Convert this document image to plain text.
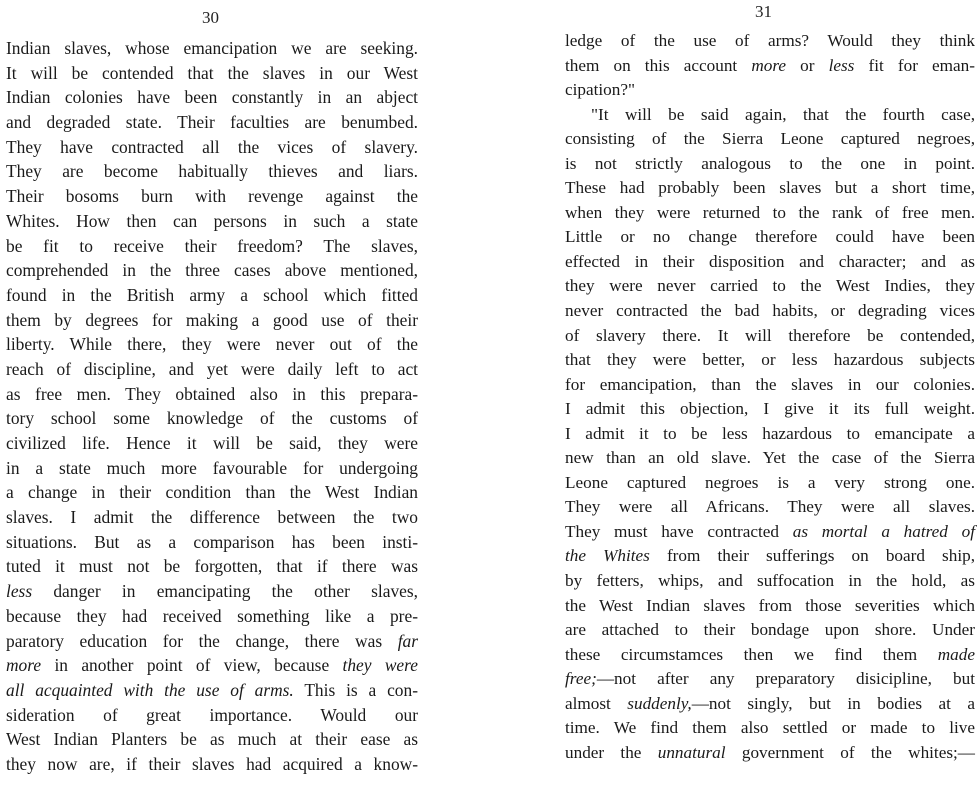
30
Indian slaves, whose emancipation we are seeking.
It will be contended that the slaves in our West
Indian colonies have been constantly in an abject
and degraded state. Their faculties are benumbed.
They have contracted all the vices of slavery.
They are become habitually thieves and liars.
Their bosoms burn with revenge against the
Whites. How then can persons in such a state
be fit to receive their freedom? The slaves,
comprehended in the three cases above mentioned,
found in the British army a school which fitted
them by degrees for making a good use of their
liberty. While there, they were never out of the
reach of discipline, and yet were daily left to act
as free men. They obtained also in this prepara-
tory school some knowledge of the customs of
civilized life. Hence it will be said, they were
in a state much more favourable for undergoing
a change in their condition than the West Indian
slaves. I admit the difference between the two
situations. But as a comparison has been insti-
tuted it must not be forgotten, that if there was
less danger in emancipating the other slaves,
because they had received something like a pre-
paratory education for the change, there was far
more in another point of view, because they were
all acquainted with the use of arms. This is a con-
sideration of great importance. Would our
West Indian Planters be as much at their ease as
they now are, if their slaves had acquired a know-
31
ledge of the use of arms? Would they think
them on this account more or less fit for eman-
cipation?"
"It will be said again, that the fourth case,
consisting of the Sierra Leone captured negroes,
is not strictly analogous to the one in point.
These had probably been slaves but a short time,
when they were returned to the rank of free men.
Little or no change therefore could have been
effected in their disposition and character; and as
they were never carried to the West Indies, they
never contracted the bad habits, or degrading vices
of slavery there. It will therefore be contended,
that they were better, or less hazardous subjects
for emancipation, than the slaves in our colonies.
I admit this objection, I give it its full weight.
I admit it to be less hazardous to emancipate a
new than an old slave. Yet the case of the Sierra
Leone captured negroes is a very strong one.
They were all Africans. They were all slaves.
They must have contracted as mortal a hatred of
the Whites from their sufferings on board ship,
by fetters, whips, and suffocation in the hold, as
the West Indian slaves from those severities which
are attached to their bondage upon shore. Under
these circumstamces then we find them made
free;—not after any preparatory disicipline, but
almost suddenly,—not singly, but in bodies at a
time. We find them also settled or made to live
under the unnatural government of the whites;—
